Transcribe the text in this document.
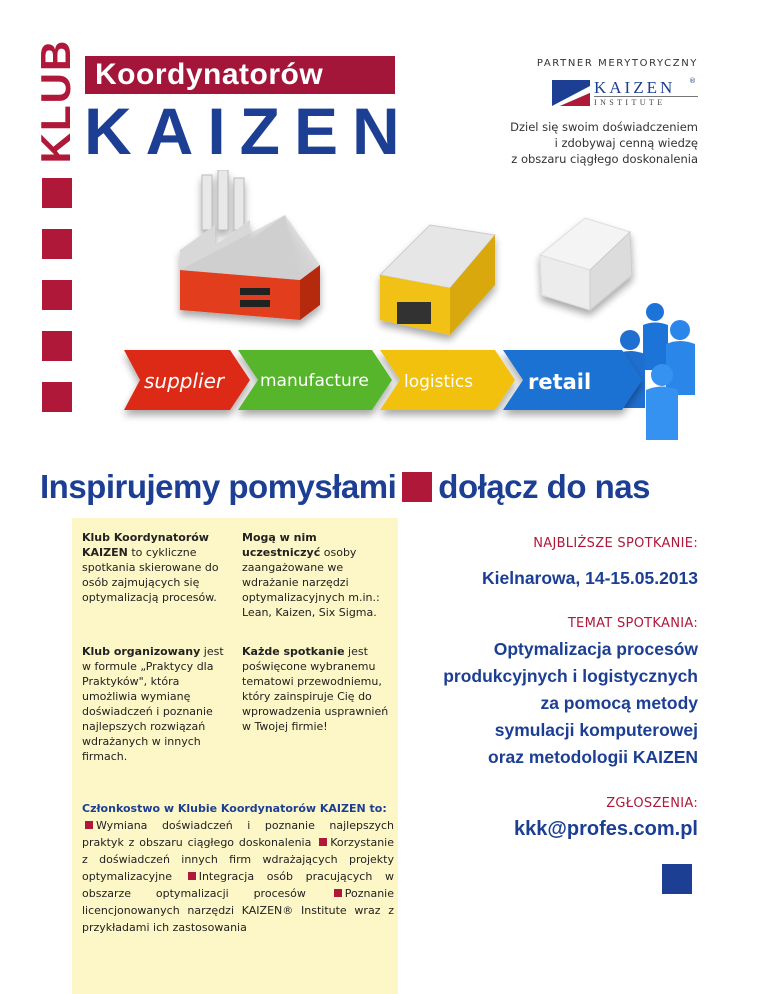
KLUB Koordynatorów
KAIZEN
PARTNER MERYTORYCZNY
KAIZEN ®
INSTITUTE
Dziel się swoim doświadczeniem
i zdobywaj cenną wiedzę
z obszaru ciągłego doskonalenia
supplier manufacture logistics	retail
Inspirujemy pomysłami dołącz do nas
Klub Koordynatorów KAIZEN to cykliczne spotkania skierowane do osób zajmujących się optymalizacją procesów.
Mogą w nim uczestniczyć osoby zaangażowane we wdrażanie narzędzi optymalizacyjnych m.in.: Lean, Kaizen, Six Sigma.
Klub organizowany jest w formule „Praktycy dla Praktyków", która umożliwia wymianę doświadczeń i poznanie najlepszych rozwiązań wdrażanych w innych firmach.
Każde spotkanie jest poświęcone wybranemu tematowi przewodniemu, który zainspiruje Cię do wprowadzenia usprawnień w Twojej firmie!
Członkostwo w Klubie Koordynatorów KAIZEN to:
Wymiana doświadczeń i poznanie najlepszych praktyk z obszaru ciągłego doskonalenia Korzystanie z doświadczeń innych firm wdrażających projekty optymalizacyjne Integracja osób pracujących w obszarze optymalizacji procesów	Poznanie licencjonowanych narzędzi KAIZEN® Institute wraz z przykładami ich zastosowania
NAJBLIŻSZE SPOTKANIE:
Kielnarowa, 14-15.05.2013
TEMAT SPOTKANIA:
Optymalizacja procesów
produkcyjnych i logistycznych
za pomocą metody
symulacji komputerowej
oraz metodologii KAIZEN
ZGŁOSZENIA:
kkk@profes.com.pl
